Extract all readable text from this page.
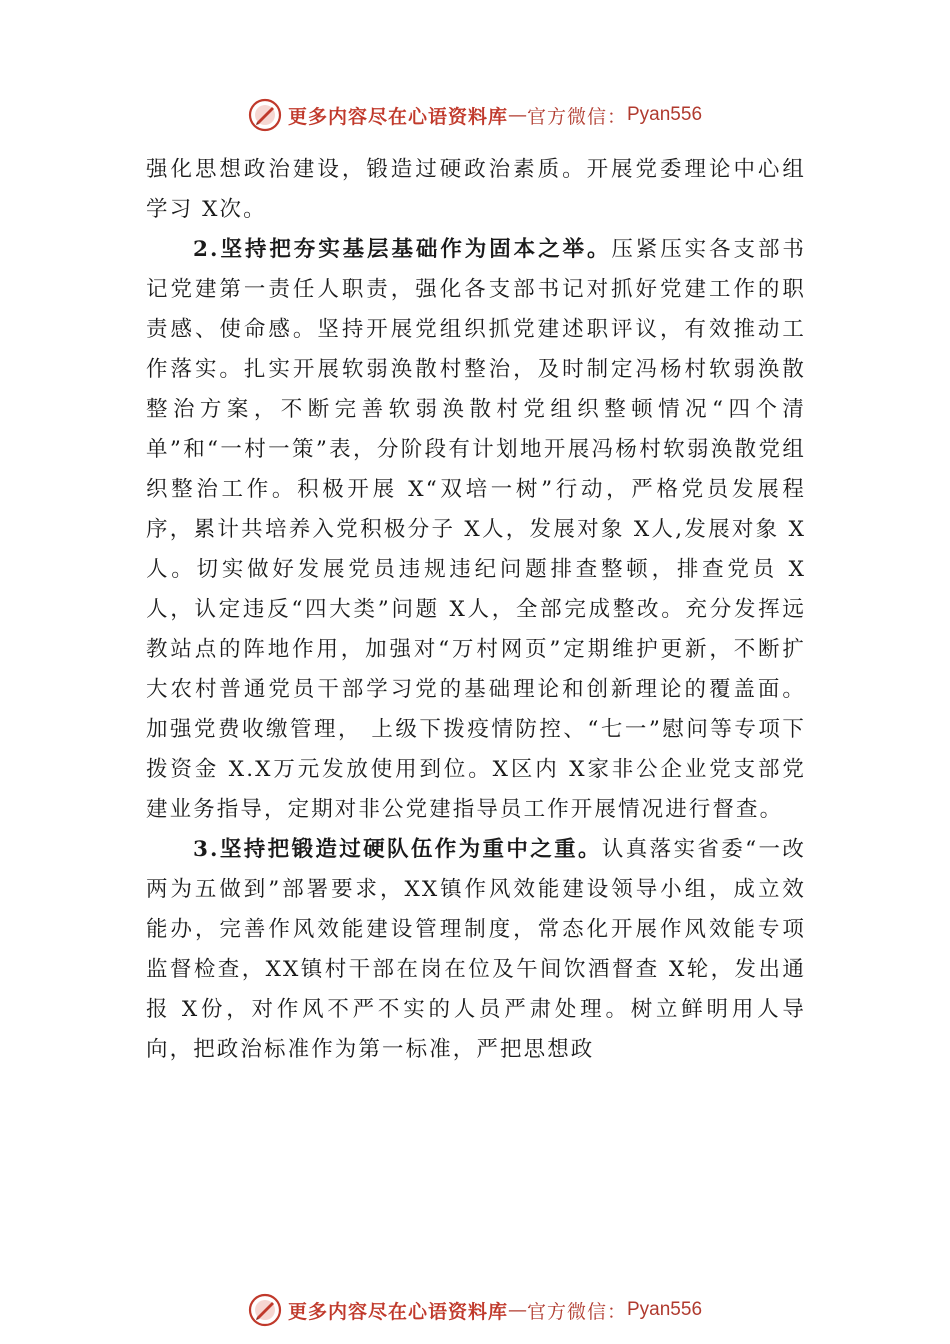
更多内容尽在心语资料库 — 官方微信： Pyan556

强化思想政治建设，锻造过硬政治素质。开展党委理论中心组学习 X次。

2.坚持把夯实基层基础作为固本之举。压紧压实各支部书记党建第一责任人职责，强化各支部书记对抓好党建工作的职责感、使命感。坚持开展党组织抓党建述职评议，有效推动工作落实。扎实开展软弱涣散村整治，及时制定冯杨村软弱涣散整治方案，不断完善软弱涣散村党组织整顿情况“四个清单”和“一村一策”表，分阶段有计划地开展冯杨村软弱涣散党组织整治工作。积极开展 X“双培一树”行动，严格党员发展程序，累计共培养入党积极分子 X人，发展对象 X人,发展对象 X人。切实做好发展党员违规违纪问题排查整顿，排查党员 X人，认定违反“四大类”问题 X人，全部完成整改。充分发挥远教站点的阵地作用，加强对“万村网页”定期维护更新，不断扩大农村普通党员干部学习党的基础理论和创新理论的覆盖面。加强党费收缴管理， 上级下拨疫情防控、“七一”慰问等专项下拨资金 X.X万元发放使用到位。X区内 X家非公企业党支部党建业务指导，定期对非公党建指导员工作开展情况进行督查。

3.坚持把锻造过硬队伍作为重中之重。认真落实省委“一改两为五做到”部署要求，XX镇作风效能建设领导小组，成立效能办，完善作风效能建设管理制度，常态化开展作风效能专项监督检查，XX镇村干部在岗在位及午间饮酒督查 X轮，发出通报 X份，对作风不严不实的人员严肃处理。树立鲜明用人导向，把政治标准作为第一标准，严把思想政

更多内容尽在心语资料库 — 官方微信： Pyan556
